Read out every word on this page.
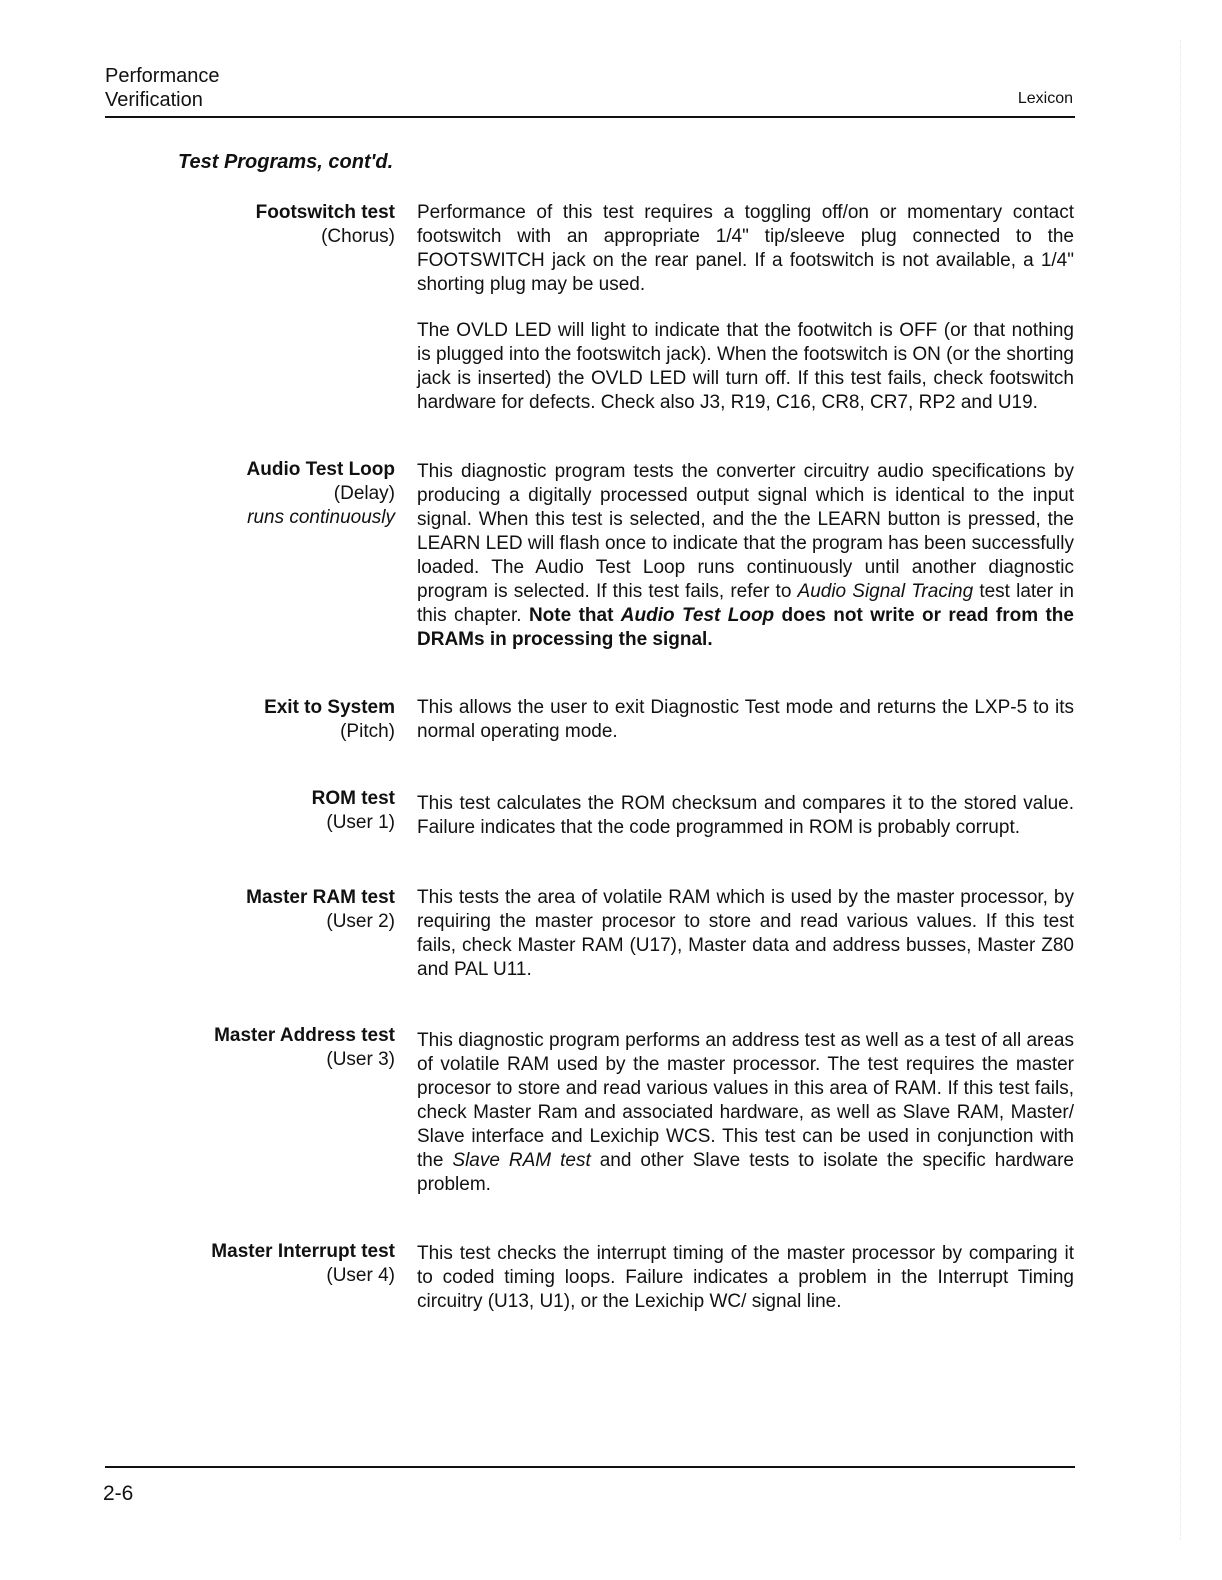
Performance
Verification	Lexicon
Test Programs, cont'd.
Footswitch test
(Chorus)

Performance of this test requires a toggling off/on or momentary contact footswitch with an appropriate 1/4" tip/sleeve plug connected to the FOOTSWITCH jack on the rear panel. If a footswitch is not available, a 1/4" shorting plug may be used.

The OVLD LED will light to indicate that the footwitch is OFF (or that nothing is plugged into the footswitch jack). When the footswitch is ON (or the shorting jack is inserted) the OVLD LED will turn off. If this test fails, check footswitch hardware for defects. Check also J3, R19, C16, CR8, CR7, RP2 and U19.

Audio Test Loop
(Delay)
runs continuously

This diagnostic program tests the converter circuitry audio specifications by producing a digitally processed output signal which is identical to the input signal. When this test is selected, and the the LEARN button is pressed, the LEARN LED will flash once to indicate that the program has been successfully loaded. The Audio Test Loop runs continuously until another diagnostic program is selected. If this test fails, refer to Audio Signal Tracing test later in this chapter. Note that Audio Test Loop does not write or read from the DRAMs in processing the signal.

Exit to System
(Pitch)

This allows the user to exit Diagnostic Test mode and returns the LXP-5 to its normal operating mode.

ROM test
(User 1)

This test calculates the ROM checksum and compares it to the stored value. Failure indicates that the code programmed in ROM is probably corrupt.

Master RAM test
(User 2)

This tests the area of volatile RAM which is used by the master processor, by requiring the master procesor to store and read various values. If this test fails, check Master RAM (U17), Master data and address busses, Master Z80 and PAL U11.

Master Address test
(User 3)

This diagnostic program performs an address test as well as a test of all areas of volatile RAM used by the master processor. The test requires the master procesor to store and read various values in this area of RAM. If this test fails, check Master Ram and associated hardware, as well as Slave RAM, Master/ Slave interface and Lexichip WCS. This test can be used in conjunction with the Slave RAM test and other Slave tests to isolate the specific hardware problem.

Master Interrupt test
(User 4)

This test checks the interrupt timing of the master processor by comparing it to coded timing loops. Failure indicates a problem in the Interrupt Timing circuitry (U13, U1), or the Lexichip WC/ signal line.

2-6
